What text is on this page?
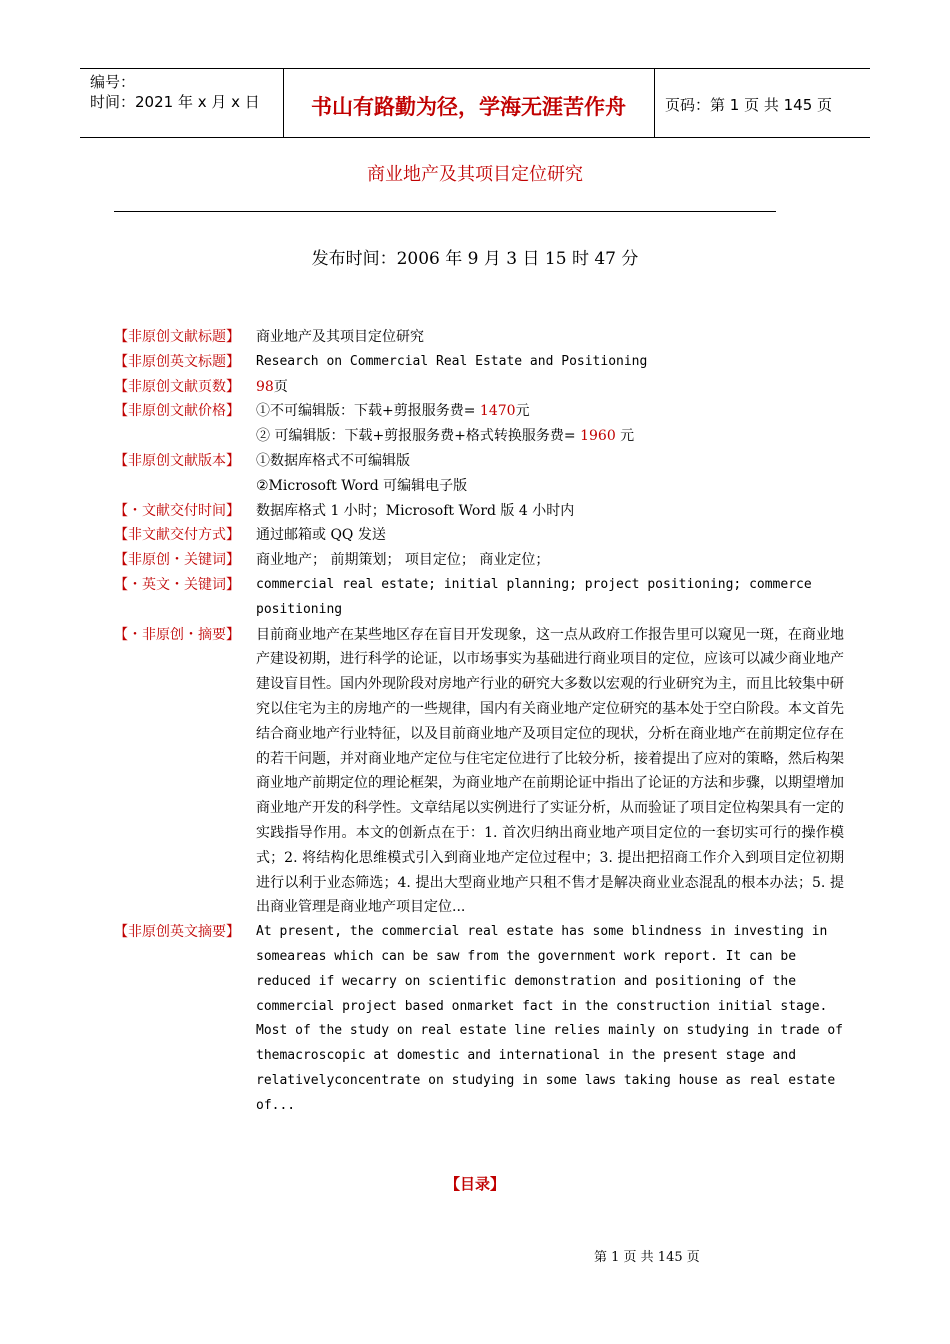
编号：
时间：2021 年 x 月 x 日	书山有路勤为径，学海无涯苦作舟	页码：第 1 页 共 145 页
商业地产及其项目定位研究
发布时间：2006 年 9 月 3 日 15 时 47 分
【非原创文献标题】	商业地产及其项目定位研究
【非原创英文标题】	Research on Commercial Real Estate and Positioning
【非原创文献页数】	98页
【非原创文献价格】	①不可编辑版：下载+剪报服务费= 1470元
② 可编辑版：下载+剪报服务费+格式转换服务费= 1960 元
【非原创文献版本】	①数据库格式不可编辑版
②Microsoft Word 可编辑电子版
【・文献交付时间】	数据库格式 1 小时；Microsoft Word 版 4 小时内
【非文献交付方式】	通过邮箱或 QQ 发送
【非原创・关键词】	商业地产； 前期策划； 项目定位； 商业定位；
【・英文・关键词】	commercial real estate; initial planning; project positioning; commerce positioning
【・非原创・摘要】	目前商业地产在某些地区存在盲目开发现象，这一点从政府工作报告里可以窥见一斑，在商业地产建设初期，进行科学的论证，以市场事实为基础进行商业项目的定位，应该可以减少商业地产建设盲目性。国内外现阶段对房地产行业的研究大多数以宏观的行业研究为主，而且比较集中研究以住宅为主的房地产的一些规律，国内有关商业地产定位研究的基本处于空白阶段。本文首先结合商业地产行业特征，以及目前商业地产及项目定位的现状，分析在商业地产在前期定位存在的若干问题，并对商业地产定位与住宅定位进行了比较分析，接着提出了应对的策略，然后构架商业地产前期定位的理论框架，为商业地产在前期论证中指出了论证的方法和步骤，以期望增加商业地产开发的科学性。文章结尾以实例进行了实证分析，从而验证了项目定位构架具有一定的实践指导作用。本文的创新点在于：1. 首次归纳出商业地产项目定位的一套切实可行的操作模式；2. 将结构化思维模式引入到商业地产定位过程中；3. 提出把招商工作介入到项目定位初期进行以利于业态筛选；4. 提出大型商业地产只租不售才是解决商业业态混乱的根本办法；5. 提出商业管理是商业地产项目定位...
【非原创英文摘要】	At present, the commercial real estate has some blindness in investing in someareas which can be saw from the government work report. It can be reduced if wecarry on scientific demonstration and positioning of the commercial project based onmarket fact in the construction initial stage. Most of the study on real estate line relies mainly on studying in trade of themacroscopic at domestic and international in the present stage and relativelyconcentrate on studying in some laws taking house as real estate of...
【目录】
第 1 页 共 145 页
